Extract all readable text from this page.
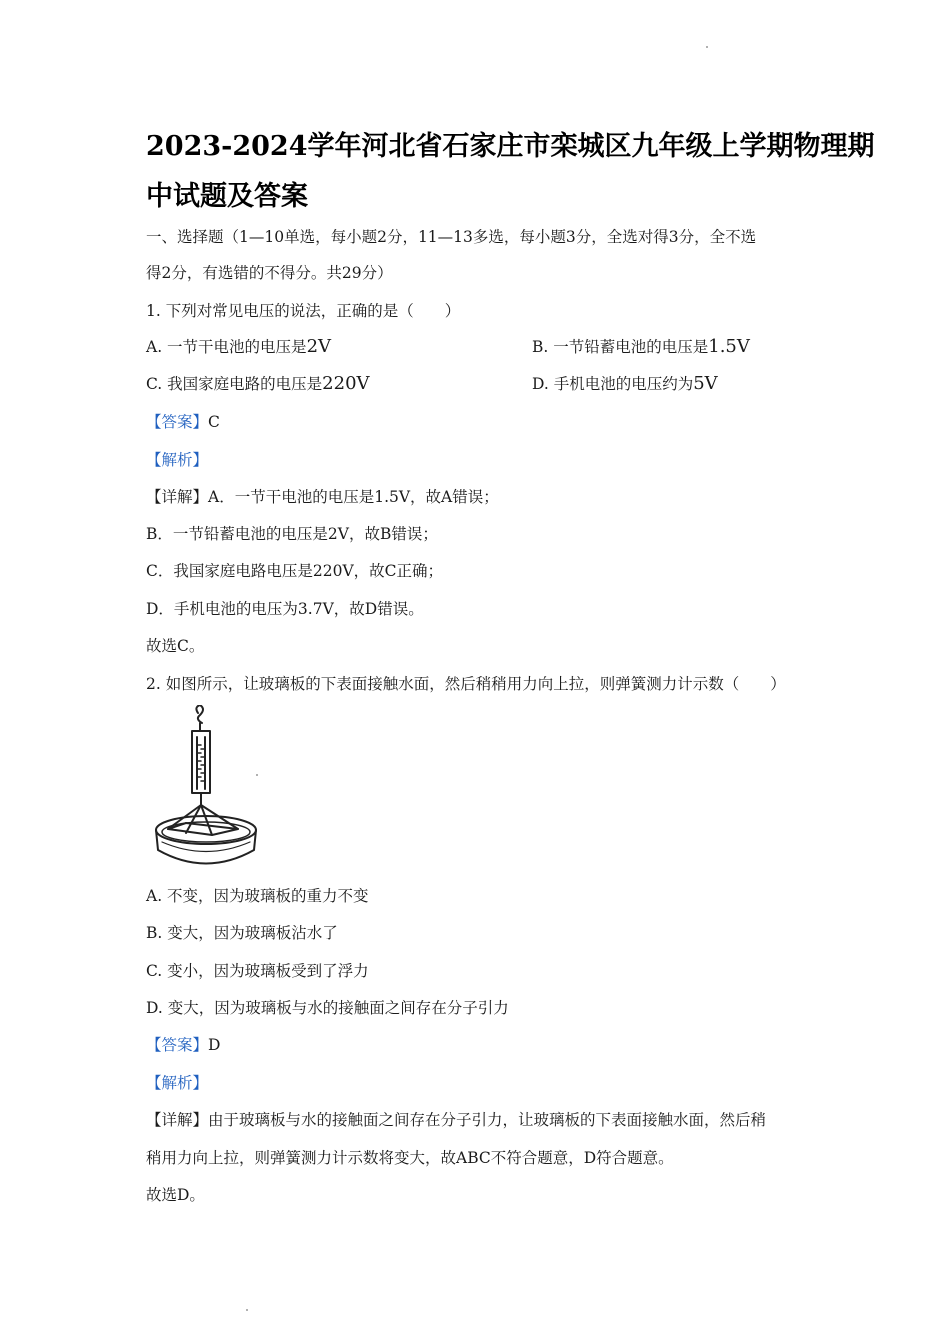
2023-2024学年河北省石家庄市栾城区九年级上学期物理期
中试题及答案
一、选择题（1—10单选，每小题2分，11—13多选，每小题3分，全选对得3分，全不选
得2分，有选错的不得分。共29分）
1. 下列对常见电压的说法，正确的是（　　）
A. 一节干电池的电压是2V	B. 一节铅蓄电池的电压是1.5V
C. 我国家庭电路的电压是220V	D. 手机电池的电压约为5V
【答案】C
【解析】
【详解】A．一节干电池的电压是1.5V，故A错误；
B．一节铅蓄电池的电压是2V，故B错误；
C．我国家庭电路电压是220V，故C正确；
D．手机电池的电压为3.7V，故D错误。
故选C。
2. 如图所示，让玻璃板的下表面接触水面，然后稍稍用力向上拉，则弹簧测力计示数（　　）
A. 不变，因为玻璃板的重力不变
B. 变大，因为玻璃板沾水了
C. 变小，因为玻璃板受到了浮力
D. 变大，因为玻璃板与水的接触面之间存在分子引力
【答案】D
【解析】
【详解】由于玻璃板与水的接触面之间存在分子引力，让玻璃板的下表面接触水面，然后稍
稍用力向上拉，则弹簧测力计示数将变大，故ABC不符合题意，D符合题意。
故选D。
